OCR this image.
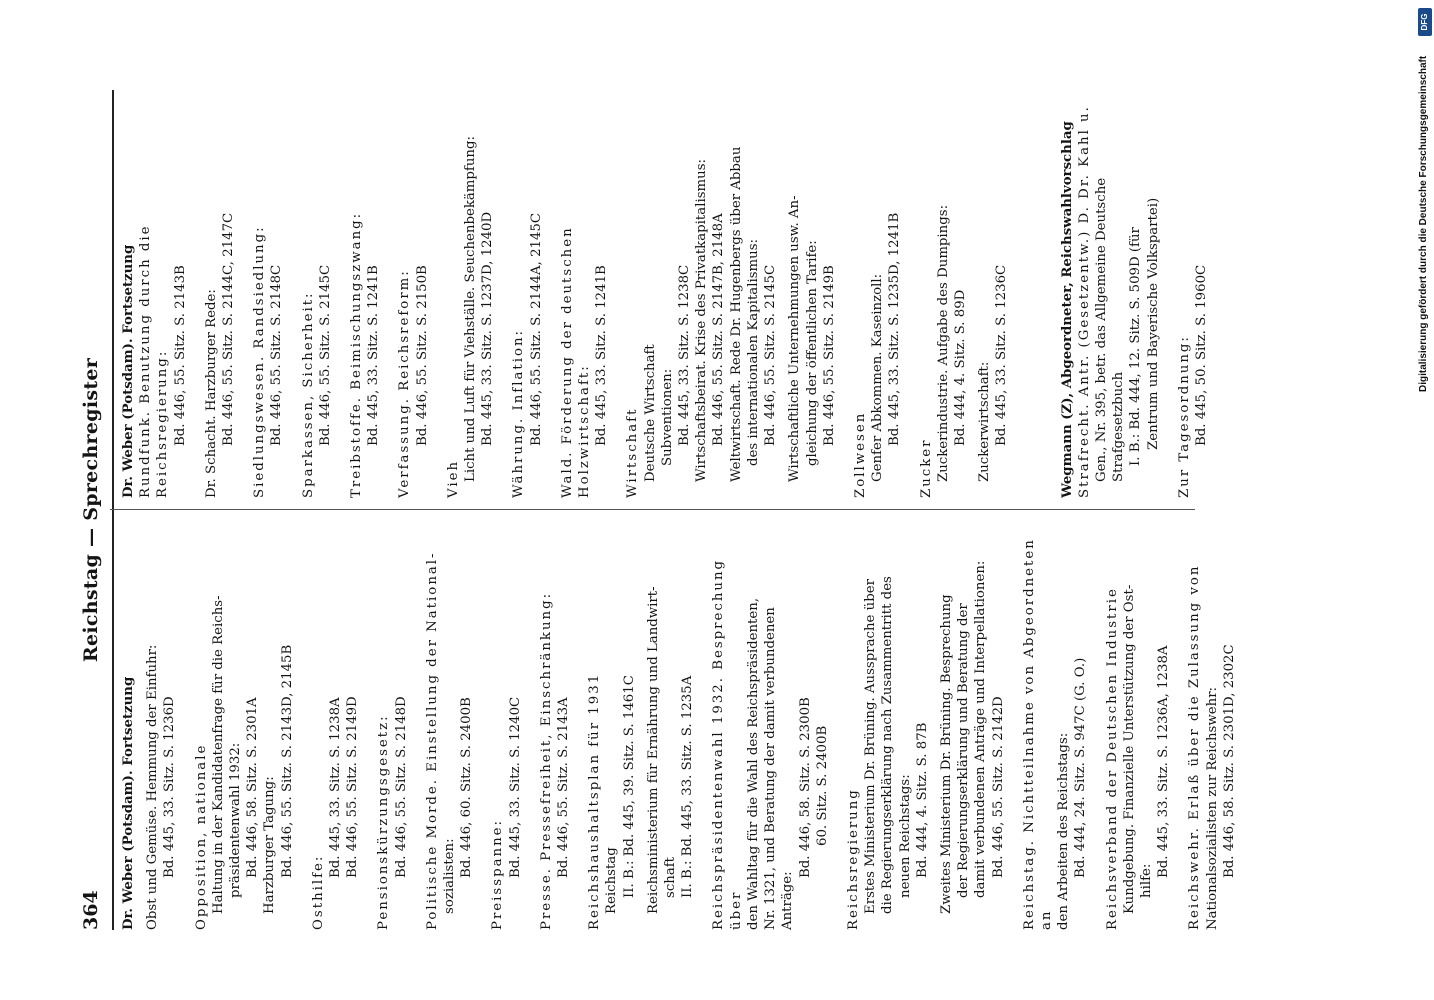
364
Reichstag — Sprechregister
Dr. Weber (Potsdam). Fortsetzung Obst und Gemüse. Hemmung der Einfuhr: Bd. 445, 33. Sitz. S. 1236D Opposition, nationale Haltung in der Kandidatenfrage für die Reichs- präsidentenwahl 1932: Bd. 446, 58. Sitz. S. 2301A Harzburger Tagung: Bd. 446, 55. Sitz. S. 2143D, 2145B
Osthilfe:
Bd. 445, 33. Sitz. S. 1238A Bd. 446, 55. Sitz. S. 2149D Pensionskürzungsgesetz: Bd. 446, 55. Sitz. S. 2148D Politische Morde. Einstellung der National- sozialisten: Bd. 446, 60. Sitz. S. 2400B Preisspanne: Bd. 445, 33. Sitz. S. 1240C Presse. Pressefreiheit, Einschränkung: Bd. 446, 55. Sitz. S. 2143A Reichshaushaltsplan für 1931 Reichstag II. B.: Bd. 445, 39. Sitz. S. 1461C Reichsministerium für Ernährung und Landwirt- schaft II. B.: Bd. 445, 33. Sitz. S. 1235A Reichspräsidentenwahl 1932. Besprechung über den Wahltag für die Wahl des Reichspräsidenten, Nr. 1321, und Beratung der damit verbundenen Anträge:
Bd. 446, 58. Sitz. S. 2300B 60. Sitz. S. 2400B
Reichsregierung Erstes Ministerium Dr. Brüning. Aussprache über die Regierungserklärung nach Zusammentritt des neuen Reichstags: Bd. 444, 4. Sitz. S. 87B Zweites Ministerium Dr. Brüning. Besprechung der Regierungserklärung und Beratung der damit verbundenen Anträge und Interpellationen: Bd. 446, 55. Sitz. S. 2142D Reichstag. Nichtteilnahme von Abgeordneten an den Arbeiten des Reichstags: Bd. 444, 24. Sitz. S. 947C (G. O.) Reichsverband der Deutschen Industrie Kundgebung. Finanzielle Unterstützung der Ost- hilfe:
Bd. 445, 33. Sitz. S. 1236A, 1238A Reichswehr. Erlaß über die Zulassung von Nationalsozialisten zur Reichswehr: Bd. 446, 58. Sitz. S. 2301D, 2302C
Dr. Weber (Potsdam). Fortsetzung Rundfunk. Benutzung durch die Reichsregierung: Bd. 446, 55. Sitz. S. 2143B Dr. Schacht. Harzburger Rede: Bd. 446, 55. Sitz. S. 2144C, 2147C Siedlungswesen. Randsiedlung: Bd. 446, 55. Sitz. S. 2148C Sparkassen, Sicherheit: Bd. 446, 55. Sitz. S. 2145C Treibstoffe. Beimischungszwang: Bd. 445, 33. Sitz. S. 1241B Verfassung. Reichsreform: Bd. 446, 55. Sitz. S. 2150B
Vieh Licht und Luft für Viehställe. Seuchenbekämpfung: Bd. 445, 33. Sitz. S. 1237D, 1240D Währung. Inflation: Bd. 446, 55. Sitz. S. 2144A, 2145C Wald. Förderung der deutschen Holzwirtschaft: Bd. 445, 33. Sitz. S. 1241B
Wirtschaft Deutsche Wirtschaft Subventionen: Bd. 445, 33. Sitz. S. 1238C Wirtschaftsbeirat. Krise des Privatkapitalismus: Bd. 446, 55. Sitz. S. 2147B, 2148A Weltwirtschaft. Rede Dr. Hugenbergs über Abbau des internationalen Kapitalismus: Bd. 446, 55. Sitz. S. 2145C Wirtschaftliche Unternehmungen usw. An- gleichung der öffentlichen Tarife: Bd. 446, 55. Sitz. S. 2149B
Zollwesen Genfer Abkommen. Kaseinzoll: Bd. 445, 33. Sitz. S. 1235D, 1241B
Zucker Zuckerindustrie. Aufgabe des Dumpings: Bd. 444, 4. Sitz. S. 89D Zuckerwirtschaft: Bd. 445, 33. Sitz. S. 1236C	Wegmann (Z), Abgeordneter, Reichswahlvorschlag Strafrecht. Antr. (Gesetzentw.) D. Dr. Kahl u. Gen., Nr. 395, betr. das Allgemeine Deutsche Strafgesetzbuch I. B.: Bd. 444, 12. Sitz. S. 509D (für Zentrum und Bayerische Volkspartei) Zur Tagesordnung: Bd. 445, 50. Sitz. S. 1960C
DFG
Digitalisierung gefördert durch die Deutsche Forschungsgemeinschaft
